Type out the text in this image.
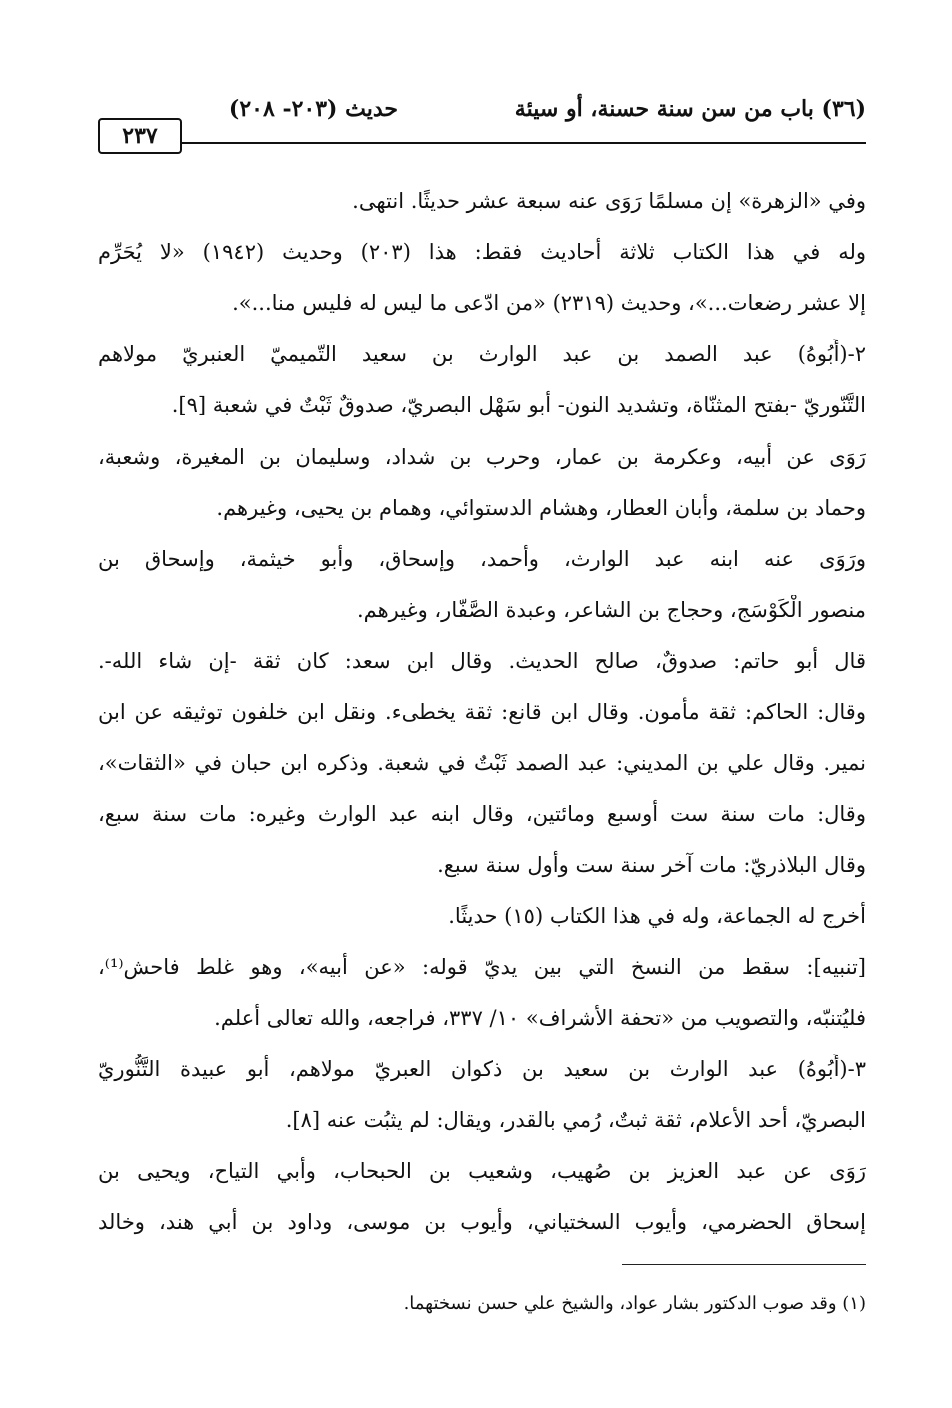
٢٣٧
حديث (٢٠٣- ٢٠٨)	(٣٦) باب من سن سنة حسنة، أو سيئة
وفي «الزهرة» إن مسلمًا رَوَى عنه سبعة عشر حديثًا. انتهى.
وله في هذا الكتاب ثلاثة أحاديث فقط: هذا (٢٠٣) وحديث (١٩٤٢) «لا يُحَرِّم
إلا عشر رضعات...»، وحديث (٢٣١٩) «من ادّعى ما ليس له فليس منا...».
٢-(أَبُوهُ) عبد الصمد بن عبد الوارث بن سعيد التّميميّ العنبريّ مولاهم
التَّنّوريّ -بفتح المثنّاة، وتشديد النون- أبو سَهْل البصريّ، صدوقٌ ثَبْتٌ في شعبة [٩].
رَوَى عن أبيه، وعكرمة بن عمار، وحرب بن شداد، وسليمان بن المغيرة، وشعبة،
وحماد بن سلمة، وأبان العطار، وهشام الدستوائي، وهمام بن يحيى، وغيرهم.
ورَوَى عنه ابنه عبد الوارث، وأحمد، وإسحاق، وأبو خيثمة، وإسحاق بن
منصور الْكَوْسَج، وحجاج بن الشاعر، وعبدة الصَّفّار، وغيرهم.
قال أبو حاتم: صدوقٌ، صالح الحديث. وقال ابن سعد: كان ثقة -إن شاء الله-.
وقال: الحاكم: ثقة مأمون. وقال ابن قانع: ثقة يخطىء. ونقل ابن خلفون توثيقه عن ابن
نمير. وقال علي بن المديني: عبد الصمد ثَبْتٌ في شعبة. وذكره ابن حبان في «الثقات»،
وقال: مات سنة ست أوسبع ومائتين، وقال ابنه عبد الوارث وغيره: مات سنة سبع،
وقال البلاذريّ: مات آخر سنة ست وأول سنة سبع.
أخرج له الجماعة، وله في هذا الكتاب (١٥) حديثًا.
[تنبيه]: سقط من النسخ التي بين يديّ قوله: «عن أبيه»، وهو غلط فاحش⁽¹⁾،
فليُتنبّه، والتصويب من «تحفة الأشراف» ١٠/ ٣٣٧، فراجعه، والله تعالى أعلم.
٣-(أَبُوهُ) عبد الوارث بن سعيد بن ذكوان العبريّ مولاهم، أبو عبيدة التَّنُّوريّ
البصريّ، أحد الأعلام، ثقة ثبتٌ، رُمي بالقدر، ويقال: لم يثبُت عنه [٨].
رَوَى عن عبد العزيز بن صُهيب، وشعيب بن الحبحاب، وأبي التياح، ويحيى بن
إسحاق الحضرمي، وأيوب السختياني، وأيوب بن موسى، وداود بن أبي هند، وخالد
(١) وقد صوب الدكتور بشار عواد، والشيخ علي حسن نسختهما.
